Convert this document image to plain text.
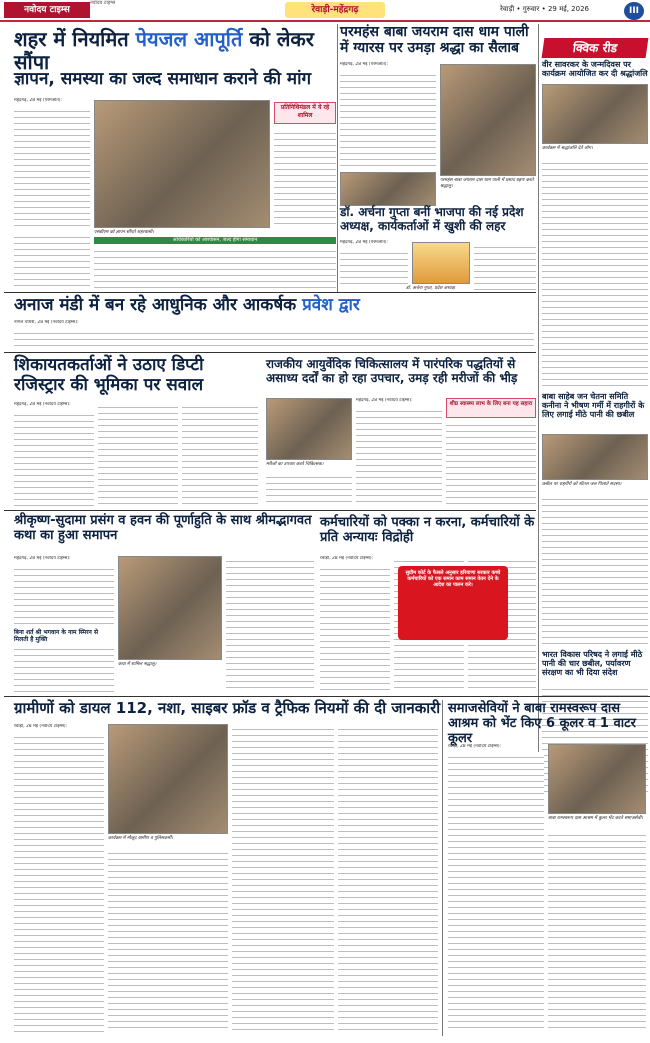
नवोदय टाइम्स
नवोदय टाइम्स
रेवाड़ी-महेंद्रगढ़	रेवाड़ी • गुरुवार • 29 मई, 2026	III
शहर में नियमित पेयजल आपूर्ति को लेकर सौंपा
ज्ञापन, समस्या का जल्द समाधान कराने की मांग
महेंद्रगढ़, 28 मई (परमजीत):
प्रतिनिधिमंडल में ये रहे शामिल
एसडीएम को ज्ञापन सौंपते शहरवासी।
अधिकारियों को आश्वासन, जल्द होगा समाधान
परमहंस बाबा जयराम दास धाम पाली में ग्यारस पर उमड़ा श्रद्धा का सैलाब
महेंद्रगढ़, 28 मई (परमजीत):
परमहंस बाबा जयराम दास धाम पाली में प्रसाद ग्रहण करते श्रद्धालु।
डॉ. अर्चना गुप्ता बनीं भाजपा की नई प्रदेश अध्यक्ष, कार्यकर्ताओं में खुशी की लहर
महेंद्रगढ़, 28 मई (परमजीत):
डॉ. अर्चना गुप्ता, प्रदेश अध्यक्ष
क्विक रीड
वीर सावरकर के जन्मदिवस पर कार्यक्रम आयोजित कर दी श्रद्धांजलि
कार्यक्रम में श्रद्धांजलि देते लोग।
बाबा साहेब जन चेतना समिति कनीना ने भीषण गर्मी में राहगीरों के लिए लगाई मीठे पानी की छबील
छबील पर राहगीरों को शीतल जल पिलाते सदस्य।
भारत विकास परिषद ने लगाई मीठे पानी की चार छबील, पर्यावरण संरक्षण का भी दिया संदेश
अनाज मंडी में बन रहे आधुनिक और आकर्षक प्रवेश द्वार
नांगल चौधरी, 28 मई (नवोदय टाइम्स):
शिकायतकर्ताओं ने उठाए डिप्टी रजिस्ट्रार की भूमिका पर सवाल
महेंद्रगढ़, 28 मई (नवोदय टाइम्स):
राजकीय आयुर्वेदिक चिकित्सालय में पारंपरिक पद्धतियों से असाध्य दर्दों का हो रहा उपचार, उमड़ रही मरीजों की भीड़
मरीजों का उपचार करते चिकित्सक।
महेंद्रगढ़, 28 मई (नवोदय टाइम्स):
शीघ्र स्वास्थ्य लाभ के लिए बना यह सहारा
श्रीकृष्ण-सुदामा प्रसंग व हवन की पूर्णाहुति के साथ श्रीमद्भागवत कथा का हुआ समापन
महेंद्रगढ़, 28 मई (नवोदय टाइम्स):
बिना शर्त श्री भगवान के नाम स्मिरन से मिलती है मुक्ति
कथा में शामिल श्रद्धालु।
कर्मचारियों को पक्का न करना, कर्मचारियों के प्रति अन्यायः विद्रोही
रेवाड़ी, 28 मई (नवोदय टाइम्स):
सुप्रीम कोर्ट के फैसले अनुसार हरियाणा सरकार कच्चे कर्मचारियों को एक समान काम समान वेतन देने के आदेश का पालन करे।
ग्रामीणों को डायल 112, नशा, साइबर फ्रॉड व ट्रैफिक नियमों की दी जानकारी
रेवाड़ी, 28 मई (नवोदय टाइम्स):
कार्यक्रम में मौजूद ग्रामीण व पुलिसकर्मी।
समाजसेवियों ने बाबा रामस्वरूप दास आश्रम को भेंट किए 6 कूलर व 1 वाटर कूलर
रेवाड़ी, 28 मई (नवोदय टाइम्स):
बाबा रामस्वरूप दास आश्रम में कूलर भेंट करते समाजसेवी।
